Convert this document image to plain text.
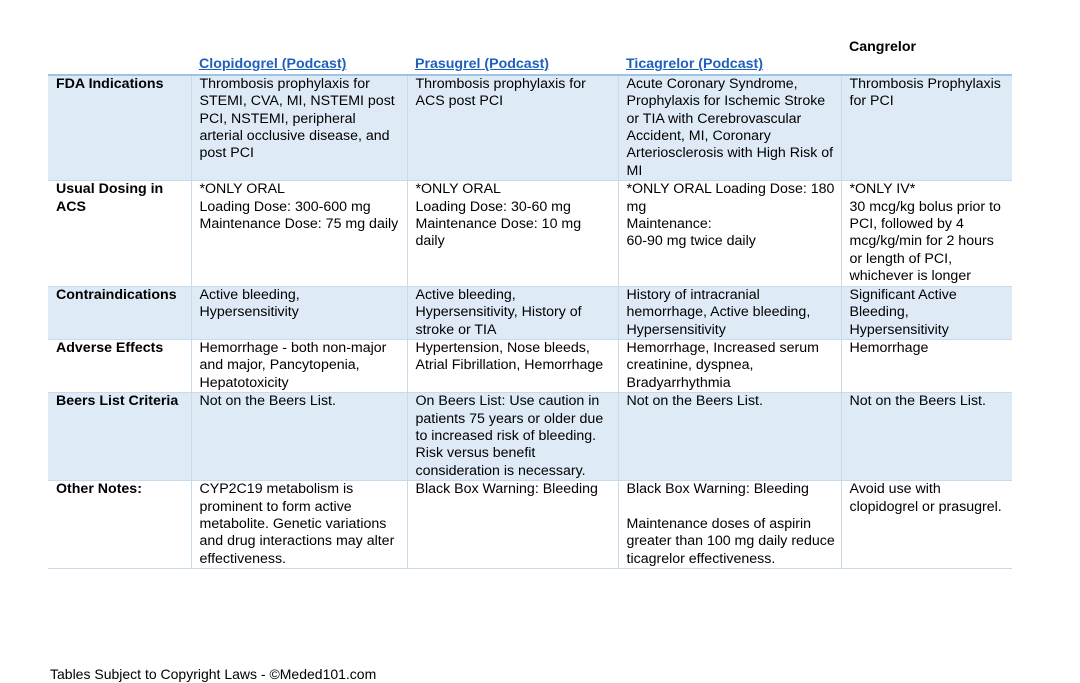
Clopidogrel (Podcast)	Prasugrel (Podcast)	Ticagrelor (Podcast)	Cangrelor
FDA Indications	Thrombosis prophylaxis for STEMI, CVA, MI, NSTEMI post PCI, NSTEMI, peripheral arterial occlusive disease, and post PCI	Thrombosis prophylaxis for ACS post PCI	Acute Coronary Syndrome, Prophylaxis for Ischemic Stroke or TIA with Cerebrovascular Accident, MI, Coronary Arteriosclerosis with High Risk of MI	Thrombosis Prophylaxis for PCI
Usual Dosing in ACS	*ONLY ORAL
Loading Dose: 300-600 mg
Maintenance Dose: 75 mg daily	*ONLY ORAL
Loading Dose: 30-60 mg
Maintenance Dose: 10 mg daily	*ONLY ORAL Loading Dose: 180 mg
Maintenance:
60-90 mg twice daily	*ONLY IV*
30 mcg/kg bolus prior to PCI, followed by 4 mcg/kg/min for 2 hours or length of PCI, whichever is longer
Contraindications	Active bleeding, Hypersensitivity	Active bleeding, Hypersensitivity, History of stroke or TIA	History of intracranial hemorrhage, Active bleeding, Hypersensitivity	Significant Active Bleeding, Hypersensitivity
Adverse Effects	Hemorrhage - both non-major and major, Pancytopenia, Hepatotoxicity	Hypertension, Nose bleeds, Atrial Fibrillation, Hemorrhage	Hemorrhage, Increased serum creatinine, dyspnea, Bradyarrhythmia	Hemorrhage
Beers List Criteria	Not on the Beers List.	On Beers List: Use caution in patients 75 years or older due to increased risk of bleeding. Risk versus benefit consideration is necessary.	Not on the Beers List.	Not on the Beers List.
Other Notes:	CYP2C19 metabolism is prominent to form active metabolite. Genetic variations and drug interactions may alter effectiveness.	Black Box Warning: Bleeding	Black Box Warning: Bleeding

Maintenance doses of aspirin greater than 100 mg daily reduce ticagrelor effectiveness.	Avoid use with clopidogrel or prasugrel.
Tables Subject to Copyright Laws - ©Meded101.com
